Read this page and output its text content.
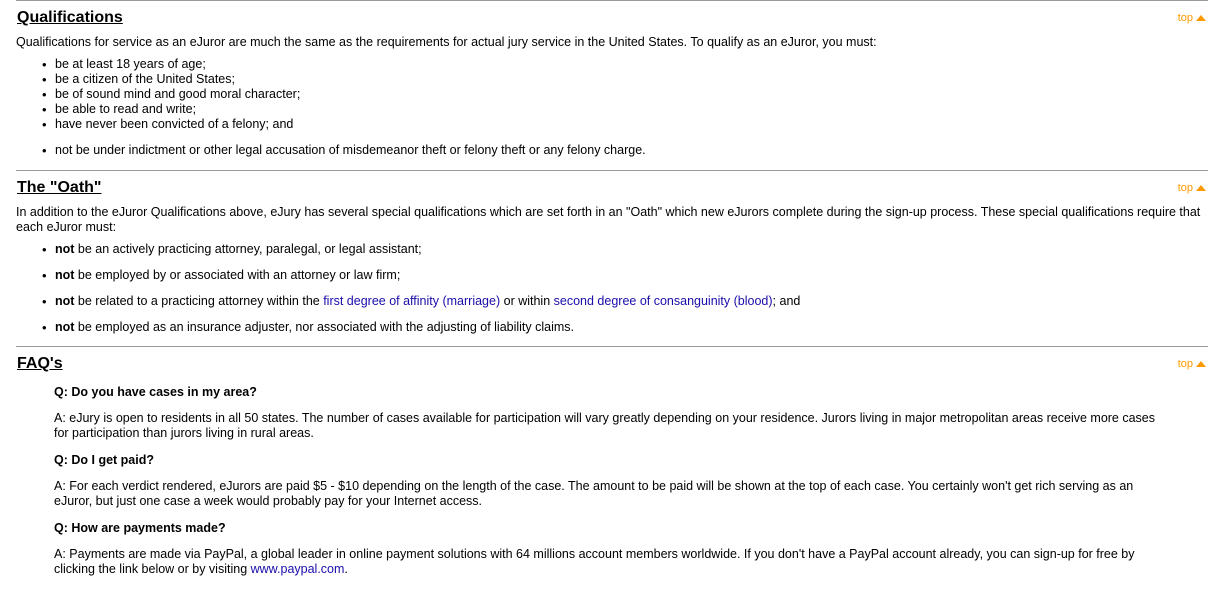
Qualifications	top

Qualifications for service as an eJuror are much the same as the requirements for actual jury service in the United States. To qualify as an eJuror, you must:

• be at least 18 years of age;
• be a citizen of the United States;
• be of sound mind and good moral character;
• be able to read and write;
• have never been convicted of a felony; and
• not be under indictment or other legal accusation of misdemeanor theft or felony theft or any felony charge.
The "Oath"	top

In addition to the eJuror Qualifications above, eJury has several special qualifications which are set forth in an "Oath" which new eJurors complete during the sign-up process. These special qualifications require that each eJuror must:

• not be an actively practicing attorney, paralegal, or legal assistant;
• not be employed by or associated with an attorney or law firm;
• not be related to a practicing attorney within the first degree of affinity (marriage) or within second degree of consanguinity (blood); and
• not be employed as an insurance adjuster, nor associated with the adjusting of liability claims.
FAQ's	top
Q: Do you have cases in my area?
A: eJury is open to residents in all 50 states. The number of cases available for participation will vary greatly depending on your residence. Jurors living in major metropolitan areas receive more cases for participation than jurors living in rural areas.
Q: Do I get paid?
A: For each verdict rendered, eJurors are paid $5 - $10 depending on the length of the case. The amount to be paid will be shown at the top of each case. You certainly won't get rich serving as an eJuror, but just one case a week would probably pay for your Internet access.
Q: How are payments made?
A: Payments are made via PayPal, a global leader in online payment solutions with 64 millions account members worldwide. If you don't have a PayPal account already, you can sign-up for free by clicking the link below or by visiting www.paypal.com.
